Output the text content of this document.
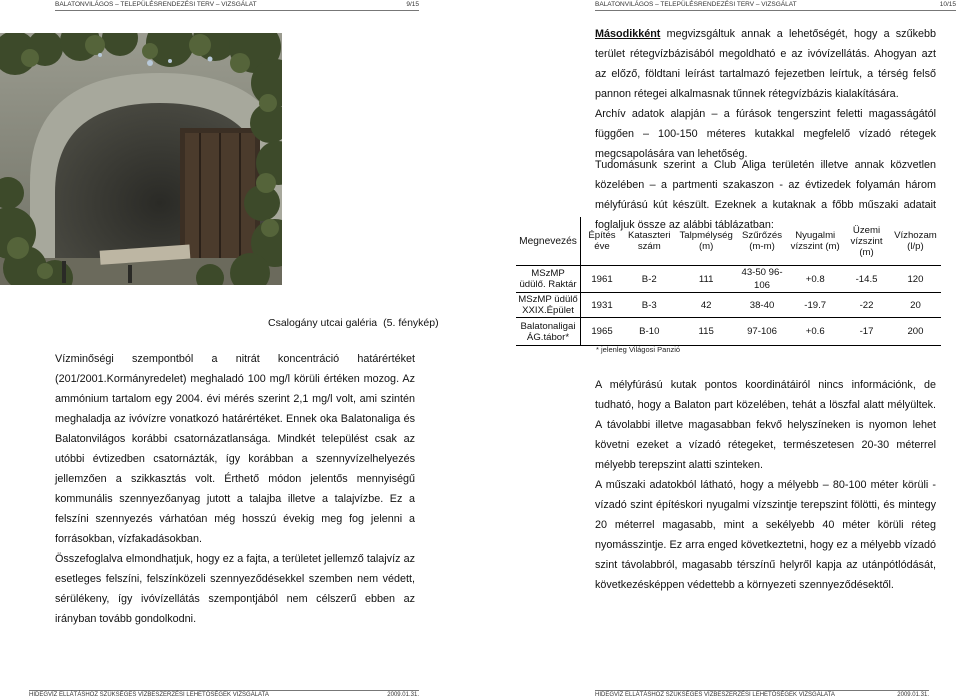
BALATONVILÁGOS – TELEPÜLÉSRENDEZÉSI TERV – VIZSGÁLAT	9/15
Csalogány utcai galéria (5. fénykép)

Vízminőségi szempontból a nitrát koncentráció határértéket (201/2001.Kormányredelet) meghaladó 100 mg/l körüli értéken mozog. Az ammónium tartalom egy 2004. évi mérés szerint 2,1 mg/l volt, ami szintén meghaladja az ivóvízre vonatkozó határértéket. Ennek oka Balatonaliga és Balatonvilágos korábbi csatornázatlansága. Mindkét települést csak az utóbbi évtizedben csatornázták, így korábban a szennyvízelhelyezés jellemzően a szikkasztás volt. Érthető módon jelentős mennyiségű kommunális szennyezőanyag jutott a talajba illetve a talajvízbe. Ez a felszíni szennyezés várhatóan még hosszú évekig meg fog jelenni a forrásokban, vízfakadásokban.

Összefoglalva elmondhatjuk, hogy ez a fajta, a területet jellemző talajvíz az esetleges felszíni, felszínközeli szennyeződésekkel szemben nem védett, sérülékeny, így ivóvízellátás szempontjából nem célszerű ebben az irányban tovább gondolkodni.

HIDEGVÍZ ELLÁTÁSHOZ SZÜKSÉGES VÍZBESZERZÉSI LEHETŐSÉGEK VIZSGÁLATA	2009.01.31.
BALATONVILÁGOS – TELEPÜLÉSRENDEZÉSI TERV – VIZSGÁLAT	10/15

Másodikként megvizsgáltuk annak a lehetőségét, hogy a szűkebb terület rétegvízbázisából megoldható e az ivóvízellátás. Ahogyan azt az előző, földtani leírást tartalmazó fejezetben leírtuk, a térség felső pannon rétegei alkalmasnak tűnnek rétegvízbázis kialakítására.

Archív adatok alapján – a fúrások tengerszint feletti magasságától függően – 100-150 méteres kutakkal megfelelő vízadó rétegek megcsapolására van lehetőség.

Tudomásunk szerint a Club Aliga területén illetve annak közvetlen közelében – a partmenti szakaszon - az évtizedek folyamán három mélyfúrású kút készült. Ezeknek a kutaknak a főbb műszaki adatait foglaljuk össze az alábbi táblázatban:

Megnevezés	Építés éve	Kataszteri szám	Talpmélység (m)	Szűrőzés (m-m)	Nyugalmi vízszint (m)	Üzemi vízszint (m)	Vízhozam (l/p)
MSzMP üdülő. Raktár	1961	B-2	111	43-50 96-106	+0.8	-14.5	120
MSzMP üdülő XXIX.Épület	1931	B-3	42	38-40	-19.7	-22	20
Balatonaligai ÁG.tábor*	1965	B-10	115	97-106	+0.6	-17	200
* jelenleg Világosi Panzió

A mélyfúrású kutak pontos koordinátáiról nincs információnk, de tudható, hogy a Balaton part közelében, tehát a löszfal alatt mélyültek. A távolabbi illetve magasabban fekvő helyszíneken is nyomon lehet követni ezeket a vízadó rétegeket, természetesen 20-30 méterrel mélyebb terepszint alatti szinteken.

A műszaki adatokból látható, hogy a mélyebb – 80-100 méter körüli - vízadó szint építéskori nyugalmi vízszintje terepszint fölötti, és mintegy 20 méterrel magasabb, mint a sekélyebb 40 méter körüli réteg nyomásszintje. Ez arra enged következtetni, hogy ez a mélyebb vízadó szint távolabbról, magasabb térszínű helyről kapja az utánpótlódását, következésképpen védettebb a környezeti szennyeződésektől.

HIDEGVÍZ ELLÁTÁSHOZ SZÜKSÉGES VÍZBESZERZÉSI LEHETŐSÉGEK VIZSGÁLATA	2009.01.31.
